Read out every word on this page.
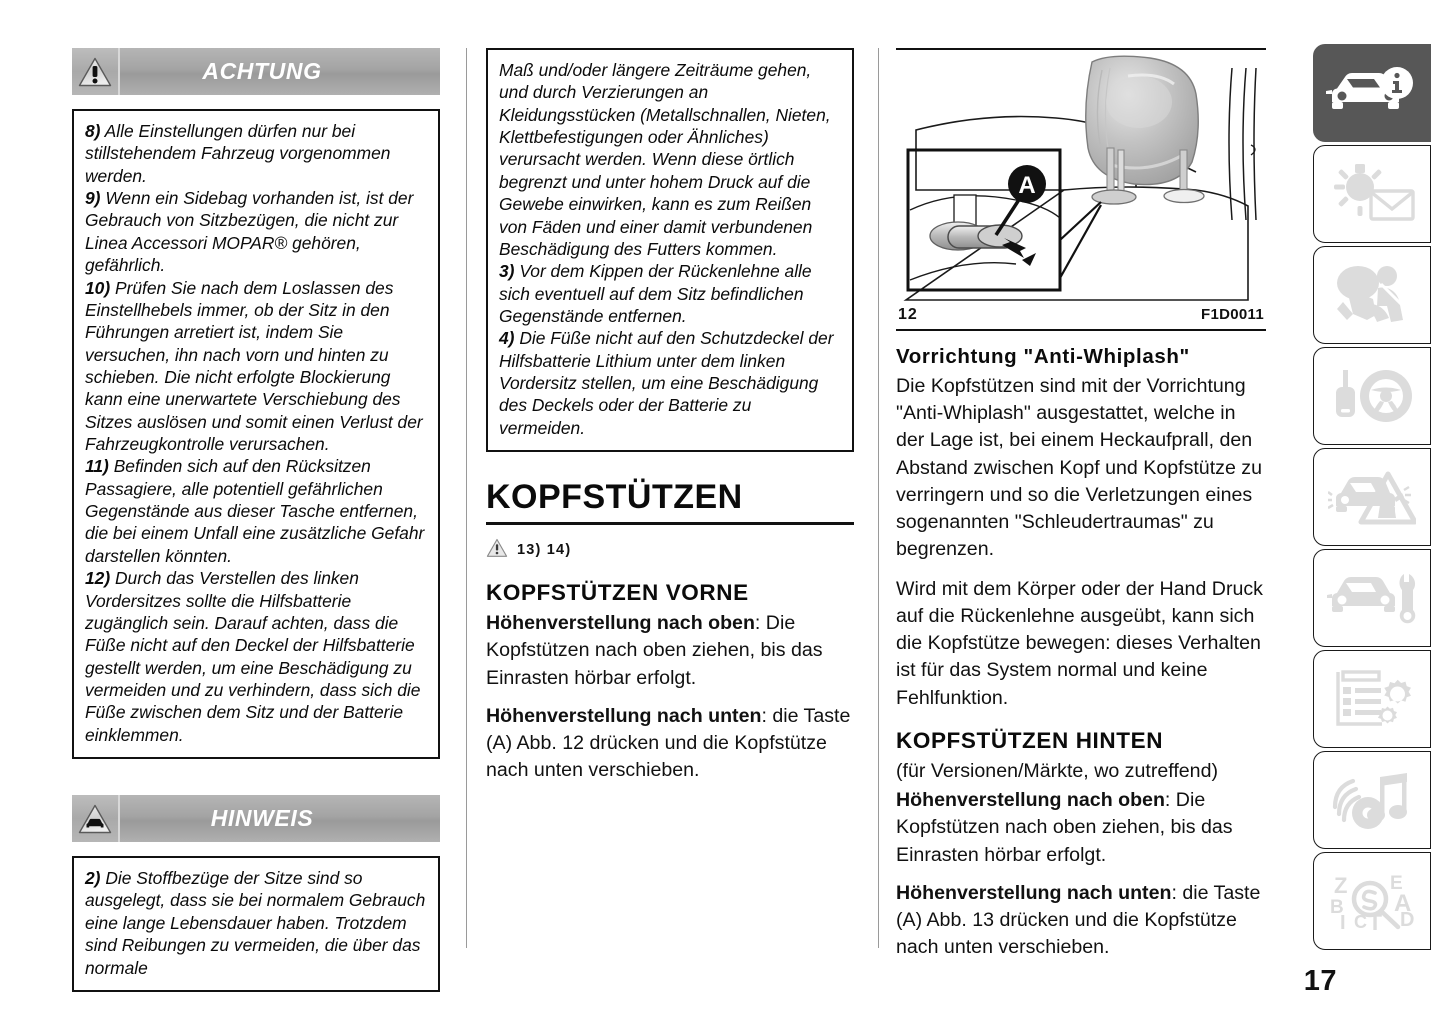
ACHTUNG

8) Alle Einstellungen dürfen nur bei stillstehendem Fahrzeug vorgenommen werden.

9) Wenn ein Sidebag vorhanden ist, ist der Gebrauch von Sitzbezügen, die nicht zur Linea Accessori MOPAR® gehören, gefährlich.

10) Prüfen Sie nach dem Loslassen des Einstellhebels immer, ob der Sitz in den Führungen arretiert ist, indem Sie versuchen, ihn nach vorn und hinten zu schieben. Die nicht erfolgte Blockierung kann eine unerwartete Verschiebung des Sitzes auslösen und somit einen Verlust der Fahrzeugkontrolle verursachen.

11) Befinden sich auf den Rücksitzen Passagiere, alle potentiell gefährlichen Gegenstände aus dieser Tasche entfernen, die bei einem Unfall eine zusätzliche Gefahr darstellen könnten.

12) Durch das Verstellen des linken Vordersitzes sollte die Hilfsbatterie zugänglich sein. Darauf achten, dass die Füße nicht auf den Deckel der Hilfsbatterie gestellt werden, um eine Beschädigung zu vermeiden und zu verhindern, dass sich die Füße zwischen dem Sitz und der Batterie einklemmen.

HINWEIS

2) Die Stoffbezüge der Sitze sind so ausgelegt, dass sie bei normalem Gebrauch eine lange Lebensdauer haben. Trotzdem sind Reibungen zu vermeiden, die über das normale

Maß und/oder längere Zeiträume gehen, und durch Verzierungen an Kleidungsstücken (Metallschnallen, Nieten, Klettbefestigungen oder Ähnliches) verursacht werden. Wenn diese örtlich begrenzt und unter hohem Druck auf die Gewebe einwirken, kann es zum Reißen von Fäden und einer damit verbundenen Beschädigung des Futters kommen.

3) Vor dem Kippen der Rückenlehne alle sich eventuell auf dem Sitz befindlichen Gegenstände entfernen.

4) Die Füße nicht auf den Schutzdeckel der Hilfsbatterie Lithium unter dem linken Vordersitz stellen, um eine Beschädigung des Deckels oder der Batterie zu vermeiden.

KOPFSTÜTZEN
13) 14)
KOPFSTÜTZEN VORNE

Höhenverstellung nach oben: Die Kopfstützen nach oben ziehen, bis das Einrasten hörbar erfolgt.

Höhenverstellung nach unten: die Taste (A) Abb. 12 drücken und die Kopfstütze nach unten verschieben.

A
12	F1D0011
Vorrichtung "Anti-Whiplash"

Die Kopfstützen sind mit der Vorrichtung "Anti-Whiplash" ausgestattet, welche in der Lage ist, bei einem Heckaufprall, den Abstand zwischen Kopf und Kopfstütze zu verringern und so die Verletzungen eines sogenannten "Schleudertraumas" zu begrenzen.

Wird mit dem Körper oder der Hand Druck auf die Rückenlehne ausgeübt, kann sich die Kopfstütze bewegen: dieses Verhalten ist für das System normal und keine Fehlfunktion.

KOPFSTÜTZEN HINTEN

(für Versionen/Märkte, wo zutreffend)

Höhenverstellung nach oben: Die Kopfstützen nach oben ziehen, bis das Einrasten hörbar erfolgt.

Höhenverstellung nach unten: die Taste (A) Abb. 13 drücken und die Kopfstütze nach unten verschieben.

Z
B
I C T
E
A
D
17
